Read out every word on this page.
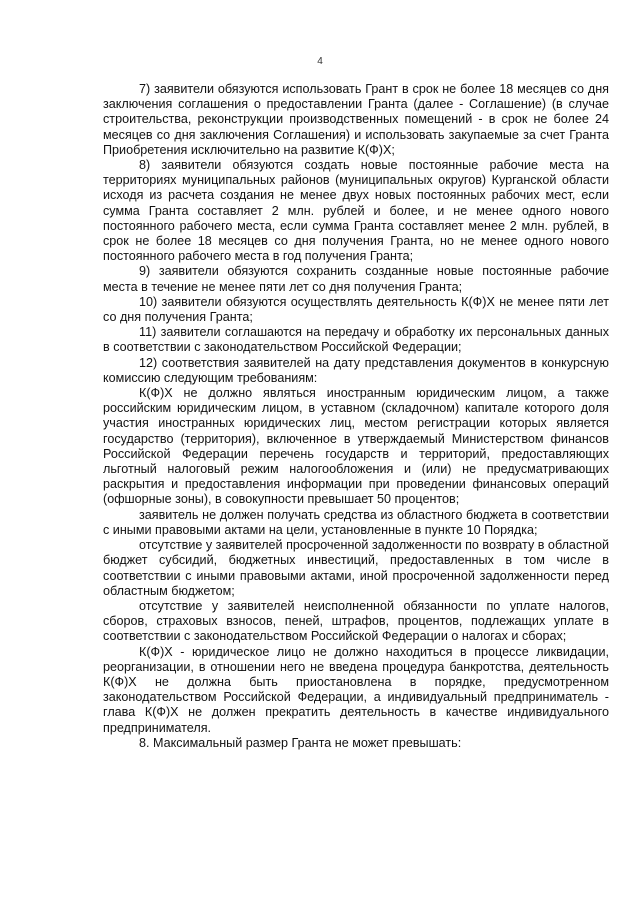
4

7) заявители обязуются использовать Грант в срок не более 18 месяцев со дня заключения соглашения о предоставлении Гранта (далее - Соглашение) (в случае строительства, реконструкции производственных помещений - в срок не более 24 месяцев со дня заключения Соглашения) и использовать закупаемые за счет Гранта Приобретения исключительно на развитие К(Ф)Х;

8) заявители обязуются создать новые постоянные рабочие места на территориях муниципальных районов (муниципальных округов) Курганской области исходя из расчета создания не менее двух новых постоянных рабочих мест, если сумма Гранта составляет 2 млн. рублей и более, и не менее одного нового постоянного рабочего места, если сумма Гранта составляет менее 2 млн. рублей, в срок не более 18 месяцев со дня получения Гранта, но не менее одного нового постоянного рабочего места в год получения Гранта;

9) заявители обязуются сохранить созданные новые постоянные рабочие места в течение не менее пяти лет со дня получения Гранта;

10) заявители обязуются осуществлять деятельность К(Ф)Х не менее пяти лет со дня получения Гранта;

11) заявители соглашаются на передачу и обработку их персональных данных в соответствии с законодательством Российской Федерации;

12) соответствия заявителей на дату представления документов в конкурсную комиссию следующим требованиям:

К(Ф)Х не должно являться иностранным юридическим лицом, а также российским юридическим лицом, в уставном (складочном) капитале которого доля участия иностранных юридических лиц, местом регистрации которых является государство (территория), включенное в утверждаемый Министерством финансов Российской Федерации перечень государств и территорий, предоставляющих льготный налоговый режим налогообложения и (или) не предусматривающих раскрытия и предоставления информации при проведении финансовых операций (офшорные зоны), в совокупности превышает 50 процентов;

заявитель не должен получать средства из областного бюджета в соответствии с иными правовыми актами на цели, установленные в пункте 10 Порядка;

отсутствие у заявителей просроченной задолженности по возврату в областной бюджет субсидий, бюджетных инвестиций, предоставленных в том числе в соответствии с иными правовыми актами, иной просроченной задолженности перед областным бюджетом;

отсутствие у заявителей неисполненной обязанности по уплате налогов, сборов, страховых взносов, пеней, штрафов, процентов, подлежащих уплате в соответствии с законодательством Российской Федерации о налогах и сборах;

К(Ф)Х - юридическое лицо не должно находиться в процессе ликвидации, реорганизации, в отношении него не введена процедура банкротства, деятельность К(Ф)Х не должна быть приостановлена в порядке, предусмотренном законодательством Российской Федерации, а индивидуальный предприниматель - глава К(Ф)Х не должен прекратить деятельность в качестве индивидуального предпринимателя.

8. Максимальный размер Гранта не может превышать:
